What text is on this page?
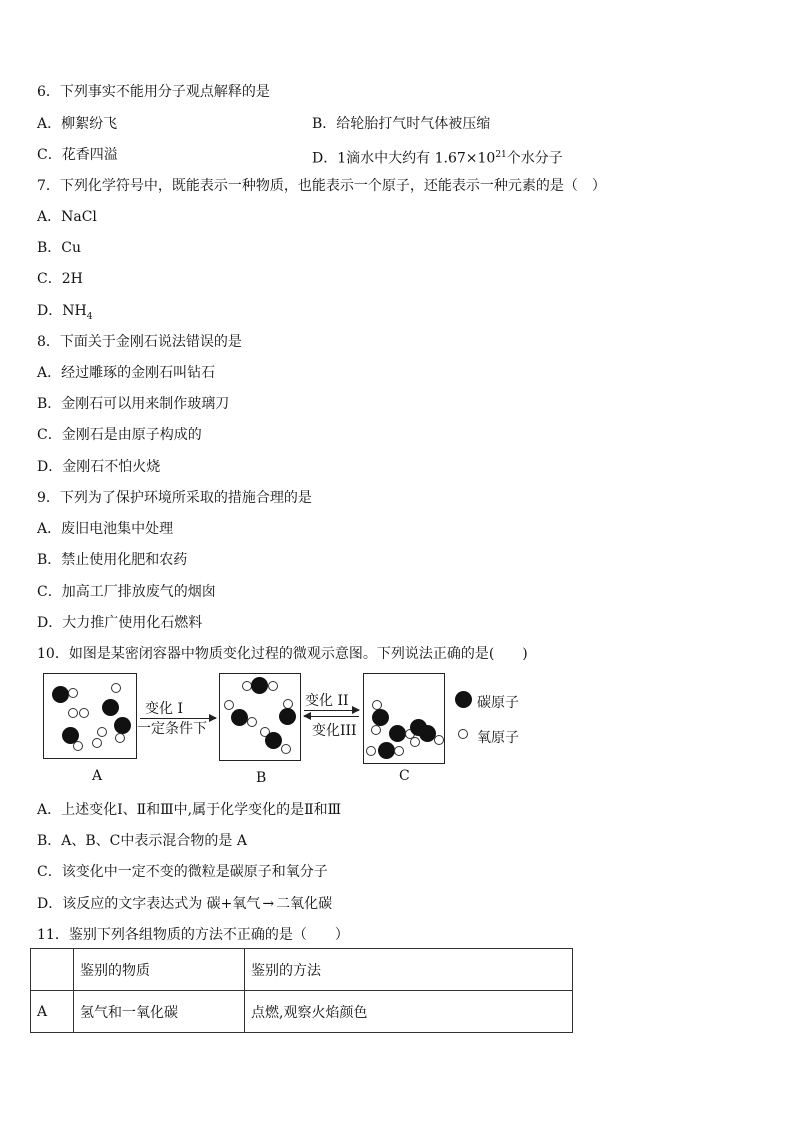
6．下列事实不能用分子观点解释的是
A．柳絮纷飞	B．给轮胎打气时气体被压缩
C．花香四溢	D．1滴水中大约有 $1.67\times 10^{21}$个水分子
7．下列化学符号中，既能表示一种物质，也能表示一个原子，还能表示一种元素的是（　）
A．NaCl
B．Cu
C．2H
D．$NH_4$
8．下面关于金刚石说法错误的是
A．经过雕琢的金刚石叫钻石
B．金刚石可以用来制作玻璃刀
C．金刚石是由原子构成的
D．金刚石不怕火烧
9．下列为了保护环境所采取的措施合理的是
A．废旧电池集中处理
B．禁止使用化肥和农药
C．加高工厂排放废气的烟囱
D．大力推广使用化石燃料
10．如图是某密闭容器中物质变化过程的微观示意图。下列说法正确的是(　　)
A
变化 I
一定条件下
B
变化 II
变化III
C
碳原子
氧原子
A．上述变化Ⅰ、Ⅱ和Ⅲ中,属于化学变化的是Ⅱ和Ⅲ
B．A、B、C中表示混合物的是 A
C．该变化中一定不变的微粒是碳原子和氧分子
D．该反应的文字表达式为 碳+氧气 → 二氧化碳
11．鉴别下列各组物质的方法不正确的是（　　）
	鉴别的物质	鉴别的方法
A	氢气和一氧化碳	点燃,观察火焰颜色
